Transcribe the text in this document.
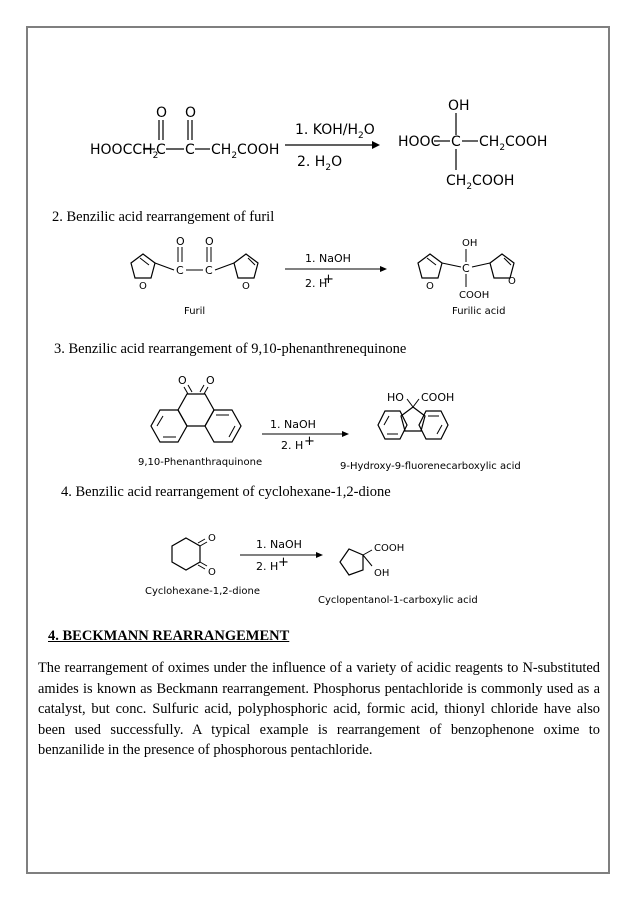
$HOOCCH_2$
C C $CH_2COOH$
O O
1. KOH/$H_2O$
2. $H_2O$
OH
HOOC C $CH_2COOH$
$CH_2COOH$
O
C C
O O
O
1. NaOH
2. H
+
Furil
O
OH
C
COOH
O
Furilic acid
O O
1. NaOH
2. H +
9,10-Phenanthraquinone
HO COOH
9-Hydroxy-9-fluorenecarboxylic acid
O
O
1. NaOH
2. H +
Cyclohexane-1,2-dione
COOH
OH
Cyclopentanol-1-carboxylic acid
2. Benzilic acid rearrangement of furil
3. Benzilic acid rearrangement of 9,10-phenanthrenequinone
4. Benzilic acid rearrangement of cyclohexane-1,2-dione
4. BECKMANN REARRANGEMENT
The rearrangement of oximes under the influence of a variety of acidic reagents to N-substituted amides is known as Beckmann rearrangement. Phosphorus pentachloride is commonly used as a catalyst, but conc. Sulfuric acid, polyphosphoric acid, formic acid, thionyl chloride have also been used successfully. A typical example is rearrangement of benzophenone oxime to benzanilide in the presence of phosphorous pentachloride.
